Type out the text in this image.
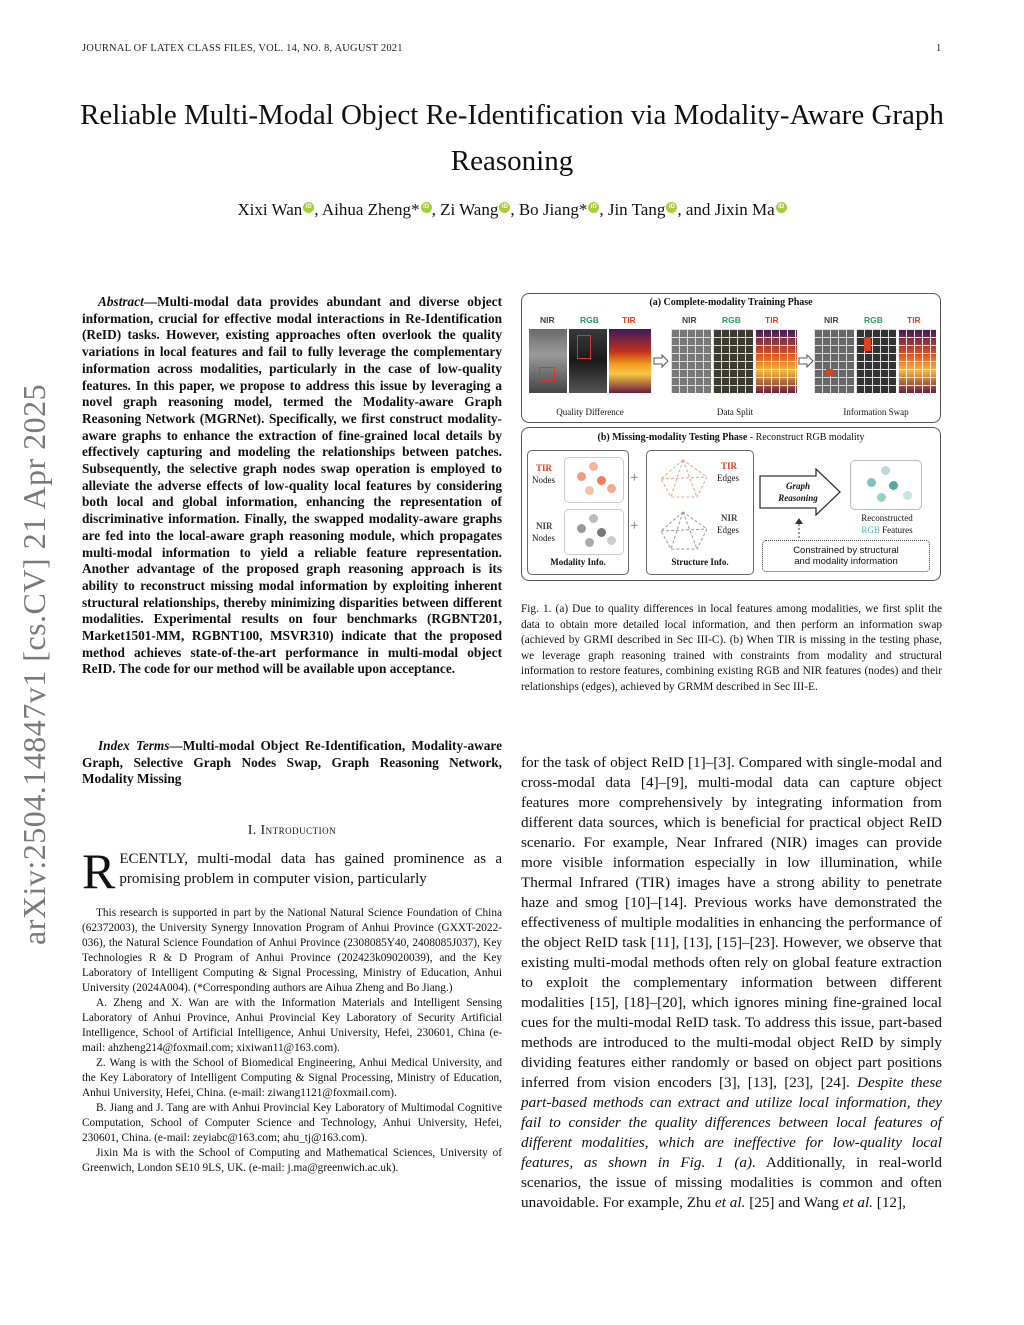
JOURNAL OF LATEX CLASS FILES, VOL. 14, NO. 8, AUGUST 2021	1
Reliable Multi-Modal Object Re-Identification via Modality-Aware Graph Reasoning
Xixi Wan iD , Aihua Zheng* iD , Zi Wang iD , Bo Jiang* iD , Jin Tang iD , and Jixin Ma iD
arXiv:2504.14847v1 [cs.CV] 21 Apr 2025
Abstract—Multi-modal data provides abundant and diverse object information, crucial for effective modal interactions in Re-Identification (ReID) tasks. However, existing approaches often overlook the quality variations in local features and fail to fully leverage the complementary information across modalities, particularly in the case of low-quality features. In this paper, we propose to address this issue by leveraging a novel graph reasoning model, termed the Modality-aware Graph Reasoning Network (MGRNet). Specifically, we first construct modality-aware graphs to enhance the extraction of fine-grained local details by effectively capturing and modeling the relationships between patches. Subsequently, the selective graph nodes swap operation is employed to alleviate the adverse effects of low-quality local features by considering both local and global information, enhancing the representation of discriminative information. Finally, the swapped modality-aware graphs are fed into the local-aware graph reasoning module, which propagates multi-modal information to yield a reliable feature representation. Another advantage of the proposed graph reasoning approach is its ability to reconstruct missing modal information by exploiting inherent structural relationships, thereby minimizing disparities between different modalities. Experimental results on four benchmarks (RGBNT201, Market1501-MM, RGBNT100, MSVR310) indicate that the proposed method achieves state-of-the-art performance in multi-modal object ReID. The code for our method will be available upon acceptance.
Index Terms—Multi-modal Object Re-Identification, Modality-aware Graph, Selective Graph Nodes Swap, Graph Reasoning Network, Modality Missing
I. Introduction
RECENTLY, multi-modal data has gained prominence as a promising problem in computer vision, particularly

This research is supported in part by the National Natural Science Foundation of China (62372003), the University Synergy Innovation Program of Anhui Province (GXXT-2022-036), the Natural Science Foundation of Anhui Province (2308085Y40, 2408085J037), Key Technologies R & D Program of Anhui Province (202423k09020039), and the Key Laboratory of Intelligent Computing & Signal Processing, Ministry of Education, Anhui University (2024A004). (*Corresponding authors are Aihua Zheng and Bo Jiang.)

A. Zheng and X. Wan are with the Information Materials and Intelligent Sensing Laboratory of Anhui Province, Anhui Provincial Key Laboratory of Security Artificial Intelligence, School of Artificial Intelligence, Anhui University, Hefei, 230601, China (e-mail: ahzheng214@foxmail.com; xixiwan11@163.com).

Z. Wang is with the School of Biomedical Engineering, Anhui Medical University, and the Key Laboratory of Intelligent Computing & Signal Processing, Ministry of Education, Anhui University, Hefei, China. (e-mail: ziwang1121@foxmail.com).

B. Jiang and J. Tang are with Anhui Provincial Key Laboratory of Multimodal Cognitive Computation, School of Computer Science and Technology, Anhui University, Hefei, 230601, China. (e-mail: zeyiabc@163.com; ahu_tj@163.com).

Jixin Ma is with the School of Computing and Mathematical Sciences, University of Greenwich, London SE10 9LS, UK. (e-mail: j.ma@greenwich.ac.uk).

(a) Complete-modality Training Phase
NIR	RGB	TIR
Quality Difference
NIR	RGB	TIR
Data Split
NIR	RGB	TIR
Information Swap
(b) Missing-modality Testing Phase - Reconstruct RGB modality
TIR
Nodes
NIR
Nodes
Modality Info.
+
+
TIR
Edges
NIR
Edges
Structure Info.
Graph
Reasoning
Reconstructed
RGB Features
Constrained by structural
and modality information
Fig. 1. (a) Due to quality differences in local features among modalities, we first split the data to obtain more detailed local information, and then perform an information swap (achieved by GRMI described in Sec III-C). (b) When TIR is missing in the testing phase, we leverage graph reasoning trained with constraints from modality and structural information to restore features, combining existing RGB and NIR features (nodes) and their relationships (edges), achieved by GRMM described in Sec III-E.
for the task of object ReID [1]–[3]. Compared with single-modal and cross-modal data [4]–[9], multi-modal data can capture object features more comprehensively by integrating information from different data sources, which is beneficial for practical object ReID scenario. For example, Near Infrared (NIR) images can provide more visible information especially in low illumination, while Thermal Infrared (TIR) images have a strong ability to penetrate haze and smog [10]–[14]. Previous works have demonstrated the effectiveness of multiple modalities in enhancing the performance of the object ReID task [11], [13], [15]–[23]. However, we observe that existing multi-modal methods often rely on global feature extraction to exploit the complementary information between different modalities [15], [18]–[20], which ignores mining fine-grained local cues for the multi-modal ReID task. To address this issue, part-based methods are introduced to the multi-modal object ReID by simply dividing features either randomly or based on object part positions inferred from vision encoders [3], [13], [23], [24]. Despite these part-based methods can extract and utilize local information, they fail to consider the quality differences between local features of different modalities, which are ineffective for low-quality local features, as shown in Fig. 1 (a). Additionally, in real-world scenarios, the issue of missing modalities is common and often unavoidable. For example, Zhu et al. [25] and Wang et al. [12],
